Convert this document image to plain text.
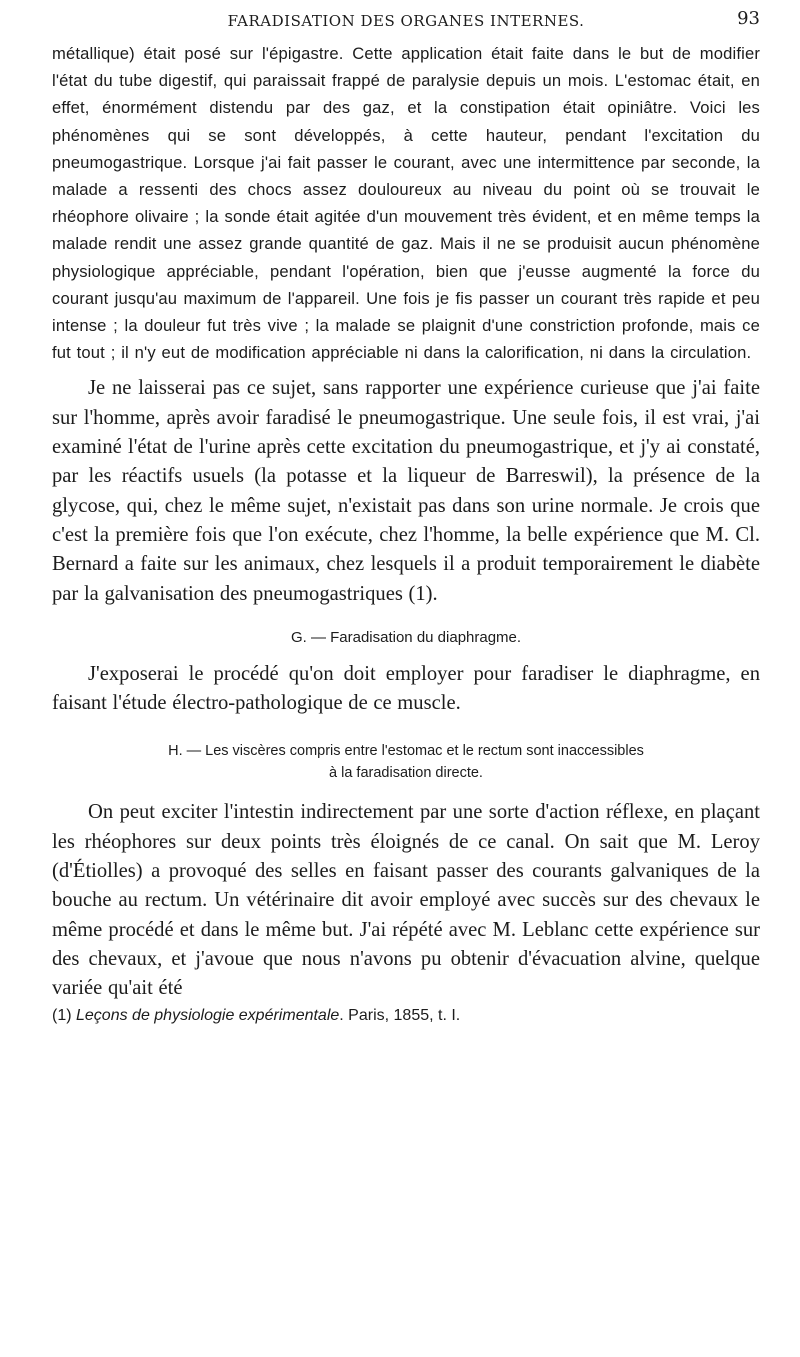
FARADISATION DES ORGANES INTERNES.	93

métallique) était posé sur l'épigastre. Cette application était faite dans le but de modifier l'état du tube digestif, qui paraissait frappé de paralysie depuis un mois. L'estomac était, en effet, énormément distendu par des gaz, et la constipation était opiniâtre. Voici les phénomènes qui se sont développés, à cette hauteur, pendant l'excitation du pneumogastrique. Lorsque j'ai fait passer le courant, avec une intermittence par seconde, la malade a ressenti des chocs assez douloureux au niveau du point où se trouvait le rhéophore olivaire ; la sonde était agitée d'un mouvement très évident, et en même temps la malade rendit une assez grande quantité de gaz. Mais il ne se produisit aucun phénomène physiologique appréciable, pendant l'opération, bien que j'eusse augmenté la force du courant jusqu'au maximum de l'appareil. Une fois je fis passer un courant très rapide et peu intense ; la douleur fut très vive ; la malade se plaignit d'une constriction profonde, mais ce fut tout ; il n'y eut de modification appréciable ni dans la calorification, ni dans la circulation.

Je ne laisserai pas ce sujet, sans rapporter une expérience curieuse que j'ai faite sur l'homme, après avoir faradisé le pneumogastrique. Une seule fois, il est vrai, j'ai examiné l'état de l'urine après cette excitation du pneumogastrique, et j'y ai constaté, par les réactifs usuels (la potasse et la liqueur de Barreswil), la présence de la glycose, qui, chez le même sujet, n'existait pas dans son urine normale. Je crois que c'est la première fois que l'on exécute, chez l'homme, la belle expérience que M. Cl. Bernard a faite sur les animaux, chez lesquels il a produit temporairement le diabète par la galvanisation des pneumogastriques (1).

G. — Faradisation du diaphragme.

J'exposerai le procédé qu'on doit employer pour faradiser le diaphragme, en faisant l'étude électro-pathologique de ce muscle.

H. — Les viscères compris entre l'estomac et le rectum sont inaccessibles
à la faradisation directe.

On peut exciter l'intestin indirectement par une sorte d'action réflexe, en plaçant les rhéophores sur deux points très éloignés de ce canal. On sait que M. Leroy (d'Étiolles) a provoqué des selles en faisant passer des courants galvaniques de la bouche au rectum. Un vétérinaire dit avoir employé avec succès sur des chevaux le même procédé et dans le même but. J'ai répété avec M. Leblanc cette expérience sur des chevaux, et j'avoue que nous n'avons pu obtenir d'évacuation alvine, quelque variée qu'ait été

(1) Leçons de physiologie expérimentale. Paris, 1855, t. I.
